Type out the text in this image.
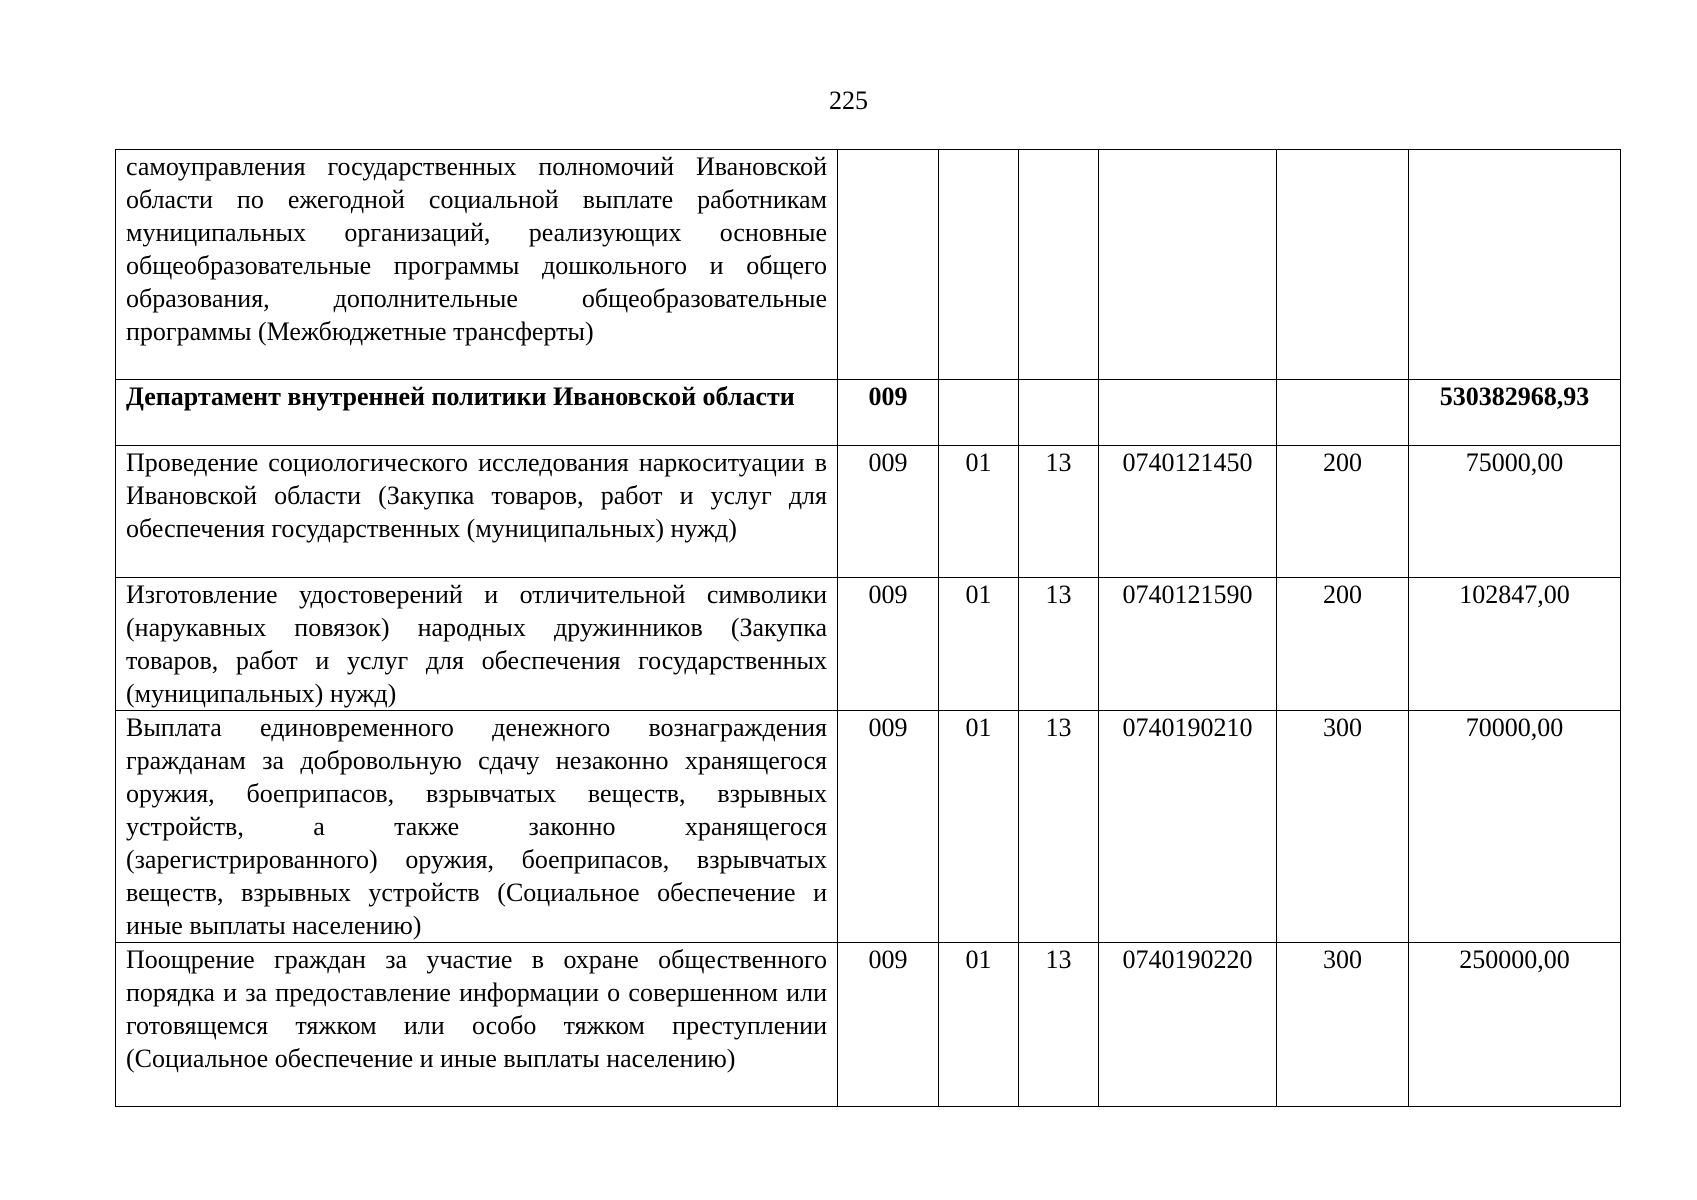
225
самоуправления государственных полномочий Ивановской области по ежегодной социальной выплате работникам муниципальных организаций, реализующих основные общеобразовательные программы дошкольного и общего образования, дополнительные общеобразовательные программы (Межбюджетные трансферты)						
Департамент внутренней политики Ивановской области	009					530382968,93
Проведение социологического исследования наркоситуации в Ивановской области (Закупка товаров, работ и услуг для обеспечения государственных (муниципальных) нужд)	009	01	13	0740121450	200	75000,00
Изготовление удостоверений и отличительной символики (нарукавных повязок) народных дружинников (Закупка товаров, работ и услуг для обеспечения государственных (муниципальных) нужд)	009	01	13	0740121590	200	102847,00
Выплата единовременного денежного вознаграждения гражданам за добровольную сдачу незаконно хранящегося оружия, боеприпасов, взрывчатых веществ, взрывных устройств, а также законно хранящегося (зарегистрированного) оружия, боеприпасов, взрывчатых веществ, взрывных устройств (Социальное обеспечение и иные выплаты населению)	009	01	13	0740190210	300	70000,00
Поощрение граждан за участие в охране общественного порядка и за предоставление информации о совершенном или готовящемся тяжком или особо тяжком преступлении (Социальное обеспечение и иные выплаты населению)	009	01	13	0740190220	300	250000,00
